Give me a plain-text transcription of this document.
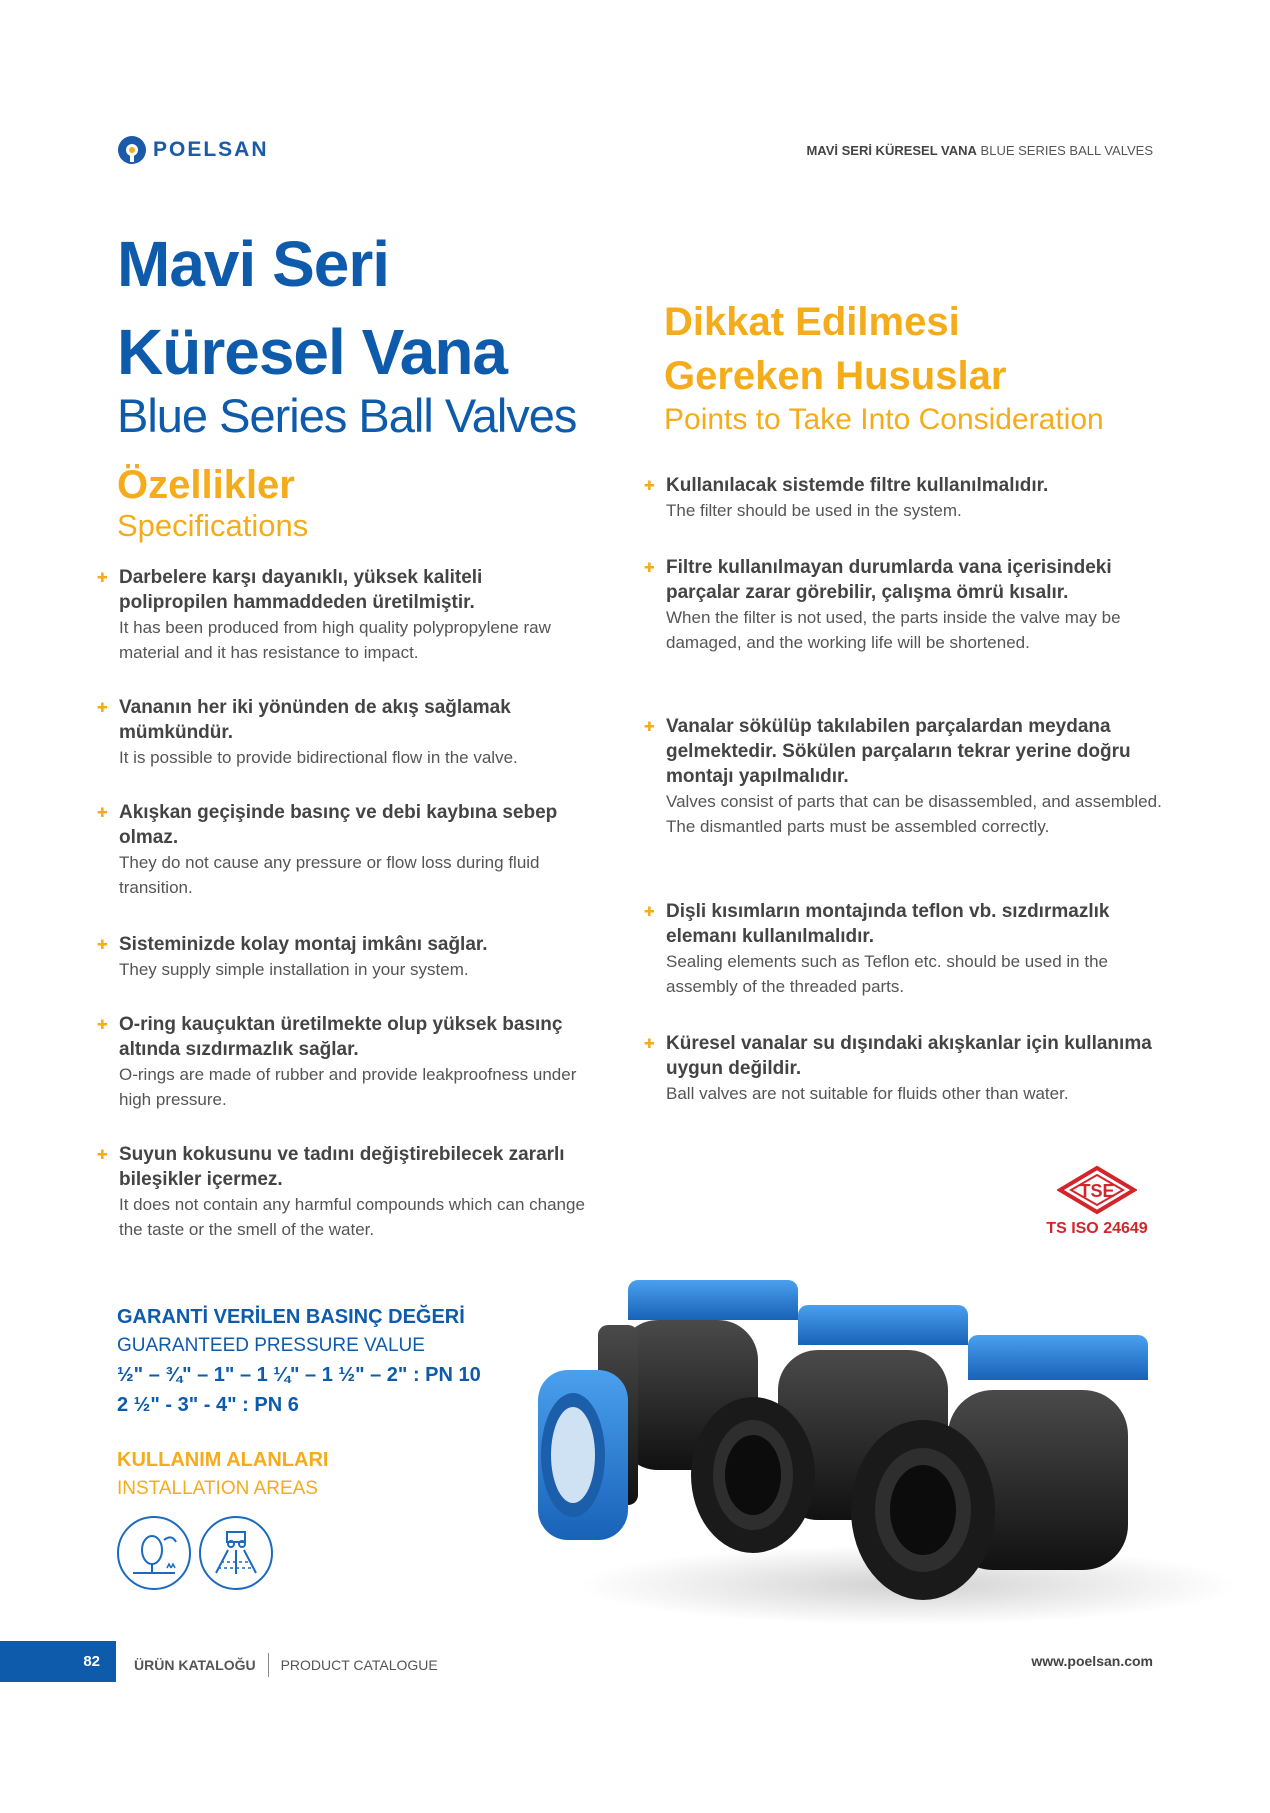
POELSAN	MAVİ SERİ KÜRESEL VANA BLUE SERIES BALL VALVES
Mavi Seri
Küresel Vana
Blue Series Ball Valves
Özellikler
Specifications
✚ Darbelere karşı dayanıklı, yüksek kaliteli polipropilen hammaddeden üretilmiştir.
It has been produced from high quality polypropylene raw material and it has resistance to impact.
✚ Vananın her iki yönünden de akış sağlamak mümkündür.
It is possible to provide bidirectional flow in the valve.
✚ Akışkan geçişinde basınç ve debi kaybına sebep olmaz.
They do not cause any pressure or flow loss during fluid transition.
✚ Sisteminizde kolay montaj imkânı sağlar.
They supply simple installation in your system.
✚ O-ring kauçuktan üretilmekte olup yüksek basınç altında sızdırmazlık sağlar.
O-rings are made of rubber and provide leakproofness under high pressure.
✚ Suyun kokusunu ve tadını değiştirebilecek zararlı bileşikler içermez.
It does not contain any harmful compounds which can change the taste or the smell of the water.
Dikkat Edilmesi
Gereken Hususlar
Points to Take Into Consideration
✚ Kullanılacak sistemde filtre kullanılmalıdır.
The filter should be used in the system.
✚ Filtre kullanılmayan durumlarda vana içerisindeki parçalar zarar görebilir, çalışma ömrü kısalır.
When the filter is not used, the parts inside the valve may be damaged, and the working life will be shortened.
✚ Vanalar sökülüp takılabilen parçalardan meydana gelmektedir. Sökülen parçaların tekrar yerine doğru montajı yapılmalıdır.
Valves consist of parts that can be disassembled, and assembled. The dismantled parts must be assembled correctly.
✚ Dişli kısımların montajında teflon vb. sızdırmazlık elemanı kullanılmalıdır.
Sealing elements such as Teflon etc. should be used in the assembly of the threaded parts.
✚ Küresel vanalar su dışındaki akışkanlar için kullanıma uygun değildir.
Ball valves are not suitable for fluids other than water.
TSE
TS ISO 24649
GARANTİ VERİLEN BASINÇ DEĞERİ
GUARANTEED PRESSURE VALUE
½" – ¾" – 1" – 1 ¼" – 1 ½" – 2" : PN 10
2 ½" - 3" - 4" : PN 6
KULLANIM ALANLARI
INSTALLATION AREAS
82	ÜRÜN KATALOĞU PRODUCT CATALOGUE	www.poelsan.com
